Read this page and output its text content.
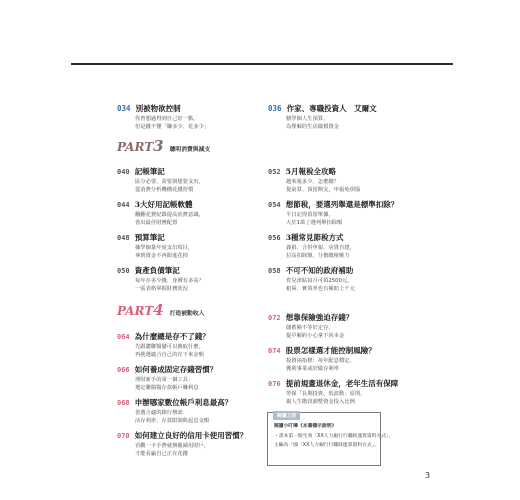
034 別被物欲控制
你曾想過得到自己好一點，
但是錢不懂「賺多少、花多少」
PART3 聰明消費與減支
040 記帳筆記
區分必要、需要與想要支出，
從消費分析機構花錢習慣
044 3大好用記帳軟體
翻翻花費紀錄提高消費意識，
善出最佳財務配置
048 預算筆記
據學個量年度支出項目，
拿到資金不再跟進花掉
050 資產負債筆記
每年存多少錢、身價有多高？
一張表格掌握財務狀況
PART4 打造被動收入
064 為什麼總是存不了錢？
先跟聰聯醫儲可以換取什麼，
再挑選適合自己的存下來金額
066 如何養成固定存錢習慣？
理財新手的第一個工具：
選定聯醫醫存款帳戶賺利息
068 申辦哪家數位帳戶利息最高？
善選合適的銀行辦認：
活存利率、存款限制與起息金額
070 如何建立良好的信用卡使用習慣？
看觀一卡手費就辦羅減用財戶，
才能看贏自己正在花錢
036 作家、專職投資人　艾爾文
積學個人生預算，
為理解的生活做模資金
052 5月報稅全攻略
越來報多少、怎麼繳？
提前算、預留開支，申報免煩惱
054 想節稅，要選列舉還是標準扣除？
平日記得留留單據，
大於1萬了選列舉扣除額
056 3種常見節稅方式
義捐、合併申報、房貸自建，
拉高扣除額、分擔繳稅壓力
058 不可不知的政府補助
育兒津貼每月可領2500元，
租屋、實領率也有補助上千元
072 想靠保險強迫存錢？
儲蓄險不等於定存，
提早解約小心拿不回本金
074 股票怎樣選才能控制風險？
投資兩指標：每年配息穩定、
獲利事業或好做存利率
076 提前規畫退休金，老年生活有保障
勞保「長期投資，低波動」原則，
親人生階段調整資金投入比例
閱讀之前
閱讀小叮嚀《本書標示說明》
・書本第一版生效「XX人力銀行行職缺運算資料方式」，
主編為「國「XX人力銀行行職缺運算資料方式」。
3
